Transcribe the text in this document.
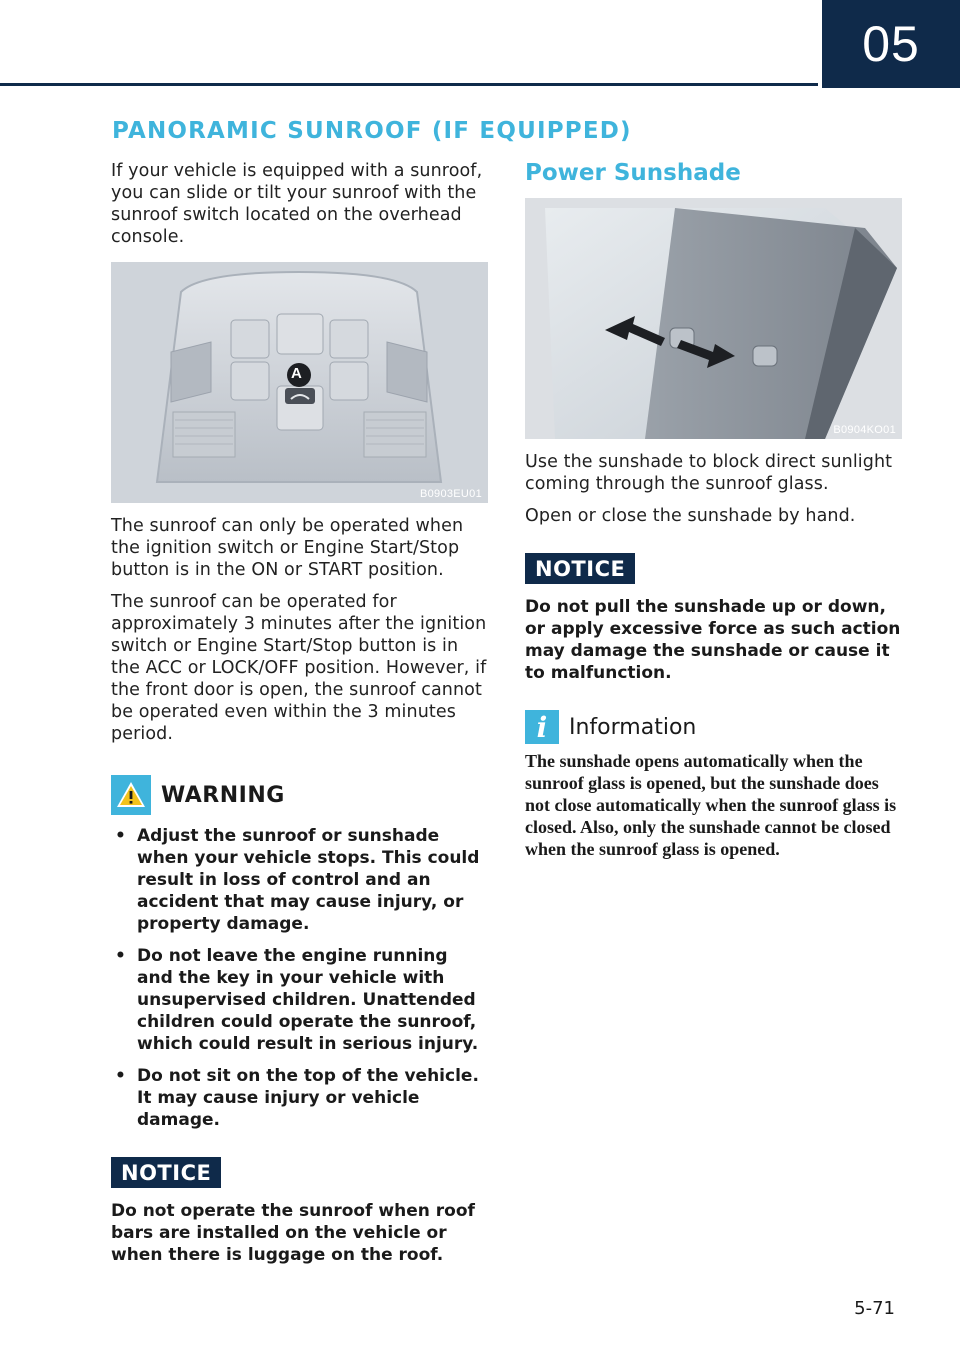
05
PANORAMIC SUNROOF (IF EQUIPPED)

If your vehicle is equipped with a sunroof, you can slide or tilt your sunroof with the sunroof switch located on the overhead console.

A
B0903EU01

The sunroof can only be operated when the ignition switch or Engine Start/Stop button is in the ON or START position.

The sunroof can be operated for approximately 3 minutes after the ignition switch or Engine Start/Stop button is in the ACC or LOCK/OFF position. However, if the front door is open, the sunroof cannot be operated even within the 3 minutes period.

WARNING
• Adjust the sunroof or sunshade when your vehicle stops. This could result in loss of control and an accident that may cause injury, or property damage.
• Do not leave the engine running and the key in your vehicle with unsupervised children. Unattended children could operate the sunroof, which could result in serious injury.
• Do not sit on the top of the vehicle. It may cause injury or vehicle damage.
NOTICE

Do not operate the sunroof when roof bars are installed on the vehicle or when there is luggage on the roof.

Power Sunshade
B0904KO01

Use the sunshade to block direct sunlight coming through the sunroof glass.

Open or close the sunshade by hand.

NOTICE

Do not pull the sunshade up or down, or apply excessive force as such action may damage the sunshade or cause it to malfunction.

i Information

The sunshade opens automatically when the sunroof glass is opened, but the sunshade does not close automatically when the sunroof glass is closed. Also, only the sunshade cannot be closed when the sunroof glass is opened.

5-71
